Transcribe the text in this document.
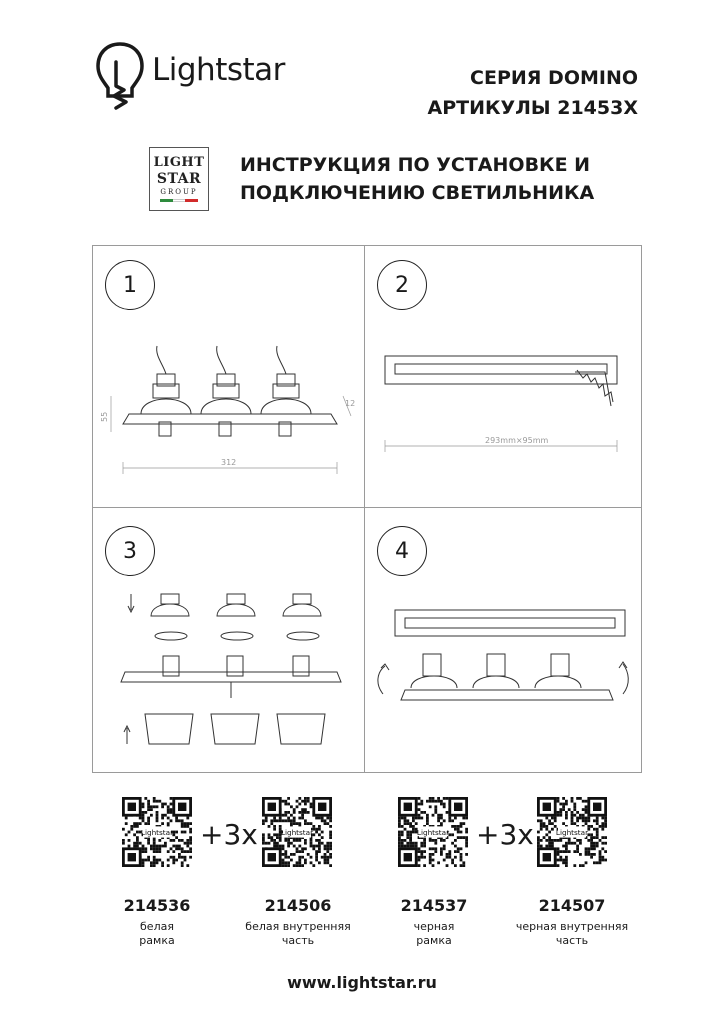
Lightstar	СЕРИЯ DOMINO
АРТИКУЛЫ 21453X
LIGHT
STAR
GROUP
ИНСТРУКЦИЯ ПО УСТАНОВКЕ И
ПОДКЛЮЧЕНИЮ СВЕТИЛЬНИКА
1
312
55
12
2
293mm×95mm
3	4
Lightstar +3x	Lightstar	Lightstar +3x	Lightstar
214536
белая
рамка
214506
белая внутренняя
часть
214537
черная
рамка
214507
черная внутренняя
часть
www.lightstar.ru
